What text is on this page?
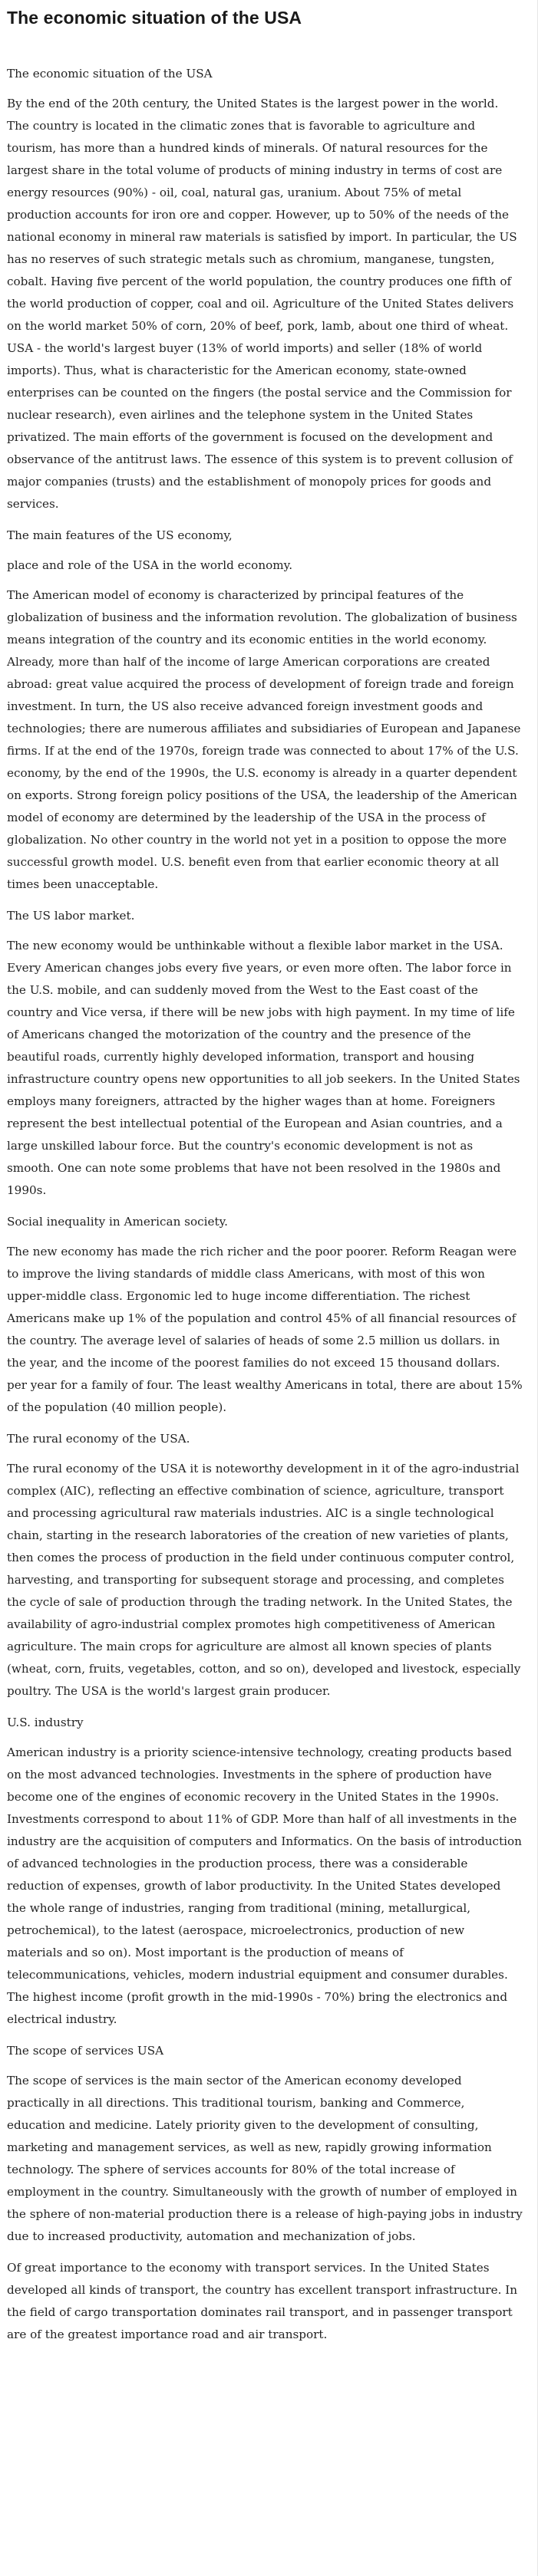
The economic situation of the USA

The economic situation of the USA

By the end of the 20th century, the United States is the largest power in the world. The country is located in the climatic zones that is favorable to agriculture and tourism, has more than a hundred kinds of minerals. Of natural resources for the largest share in the total volume of products of mining industry in terms of cost are energy resources (90%) - oil, coal, natural gas, uranium. About 75% of metal production accounts for iron ore and copper. However, up to 50% of the needs of the national economy in mineral raw materials is satisfied by import. In particular, the US has no reserves of such strategic metals such as chromium, manganese, tungsten, cobalt. Having five percent of the world population, the country produces one fifth of the world production of copper, coal and oil. Agriculture of the United States delivers on the world market 50% of corn, 20% of beef, pork, lamb, about one third of wheat. USA - the world's largest buyer (13% of world imports) and seller (18% of world imports). Thus, what is characteristic for the American economy, state-owned enterprises can be counted on the fingers (the postal service and the Commission for nuclear research), even airlines and the telephone system in the United States privatized. The main efforts of the government is focused on the development and observance of the antitrust laws. The essence of this system is to prevent collusion of major companies (trusts) and the establishment of monopoly prices for goods and services.

The main features of the US economy,

place and role of the USA in the world economy.

The American model of economy is characterized by principal features of the globalization of business and the information revolution. The globalization of business means integration of the country and its economic entities in the world economy. Already, more than half of the income of large American corporations are created abroad: great value acquired the process of development of foreign trade and foreign investment. In turn, the US also receive advanced foreign investment goods and technologies; there are numerous affiliates and subsidiaries of European and Japanese firms. If at the end of the 1970s, foreign trade was connected to about 17% of the U.S. economy, by the end of the 1990s, the U.S. economy is already in a quarter dependent on exports. Strong foreign policy positions of the USA, the leadership of the American model of economy are determined by the leadership of the USA in the process of globalization. No other country in the world not yet in a position to oppose the more successful growth model. U.S. benefit even from that earlier economic theory at all times been unacceptable.

The US labor market.

The new economy would be unthinkable without a flexible labor market in the USA. Every American changes jobs every five years, or even more often. The labor force in the U.S. mobile, and can suddenly moved from the West to the East coast of the country and Vice versa, if there will be new jobs with high payment. In my time of life of Americans changed the motorization of the country and the presence of the beautiful roads, currently highly developed information, transport and housing infrastructure country opens new opportunities to all job seekers. In the United States employs many foreigners, attracted by the higher wages than at home. Foreigners represent the best intellectual potential of the European and Asian countries, and a large unskilled labour force. But the country's economic development is not as smooth. One can note some problems that have not been resolved in the 1980s and 1990s.

Social inequality in American society.

The new economy has made the rich richer and the poor poorer. Reform Reagan were to improve the living standards of middle class Americans, with most of this won upper-middle class. Ergonomic led to huge income differentiation. The richest Americans make up 1% of the population and control 45% of all financial resources of the country. The average level of salaries of heads of some 2.5 million us dollars. in the year, and the income of the poorest families do not exceed 15 thousand dollars. per year for a family of four. The least wealthy Americans in total, there are about 15% of the population (40 million people).

The rural economy of the USA.

The rural economy of the USA it is noteworthy development in it of the agro-industrial complex (AIC), reflecting an effective combination of science, agriculture, transport and processing agricultural raw materials industries. AIC is a single technological chain, starting in the research laboratories of the creation of new varieties of plants, then comes the process of production in the field under continuous computer control, harvesting, and transporting for subsequent storage and processing, and completes the cycle of sale of production through the trading network. In the United States, the availability of agro-industrial complex promotes high competitiveness of American agriculture. The main crops for agriculture are almost all known species of plants (wheat, corn, fruits, vegetables, cotton, and so on), developed and livestock, especially poultry. The USA is the world's largest grain producer.

U.S. industry

American industry is a priority science-intensive technology, creating products based on the most advanced technologies. Investments in the sphere of production have become one of the engines of economic recovery in the United States in the 1990s. Investments correspond to about 11% of GDP. More than half of all investments in the industry are the acquisition of computers and Informatics. On the basis of introduction of advanced technologies in the production process, there was a considerable reduction of expenses, growth of labor productivity. In the United States developed the whole range of industries, ranging from traditional (mining, metallurgical, petrochemical), to the latest (aerospace, microelectronics, production of new materials and so on). Most important is the production of means of telecommunications, vehicles, modern industrial equipment and consumer durables. The highest income (profit growth in the mid-1990s - 70%) bring the electronics and electrical industry.

The scope of services USA

The scope of services is the main sector of the American economy developed practically in all directions. This traditional tourism, banking and Commerce, education and medicine. Lately priority given to the development of consulting, marketing and management services, as well as new, rapidly growing information technology. The sphere of services accounts for 80% of the total increase of employment in the country. Simultaneously with the growth of number of employed in the sphere of non-material production there is a release of high-paying jobs in industry due to increased productivity, automation and mechanization of jobs.

Of great importance to the economy with transport services. In the United States developed all kinds of transport, the country has excellent transport infrastructure. In the field of cargo transportation dominates rail transport, and in passenger transport are of the greatest importance road and air transport.
